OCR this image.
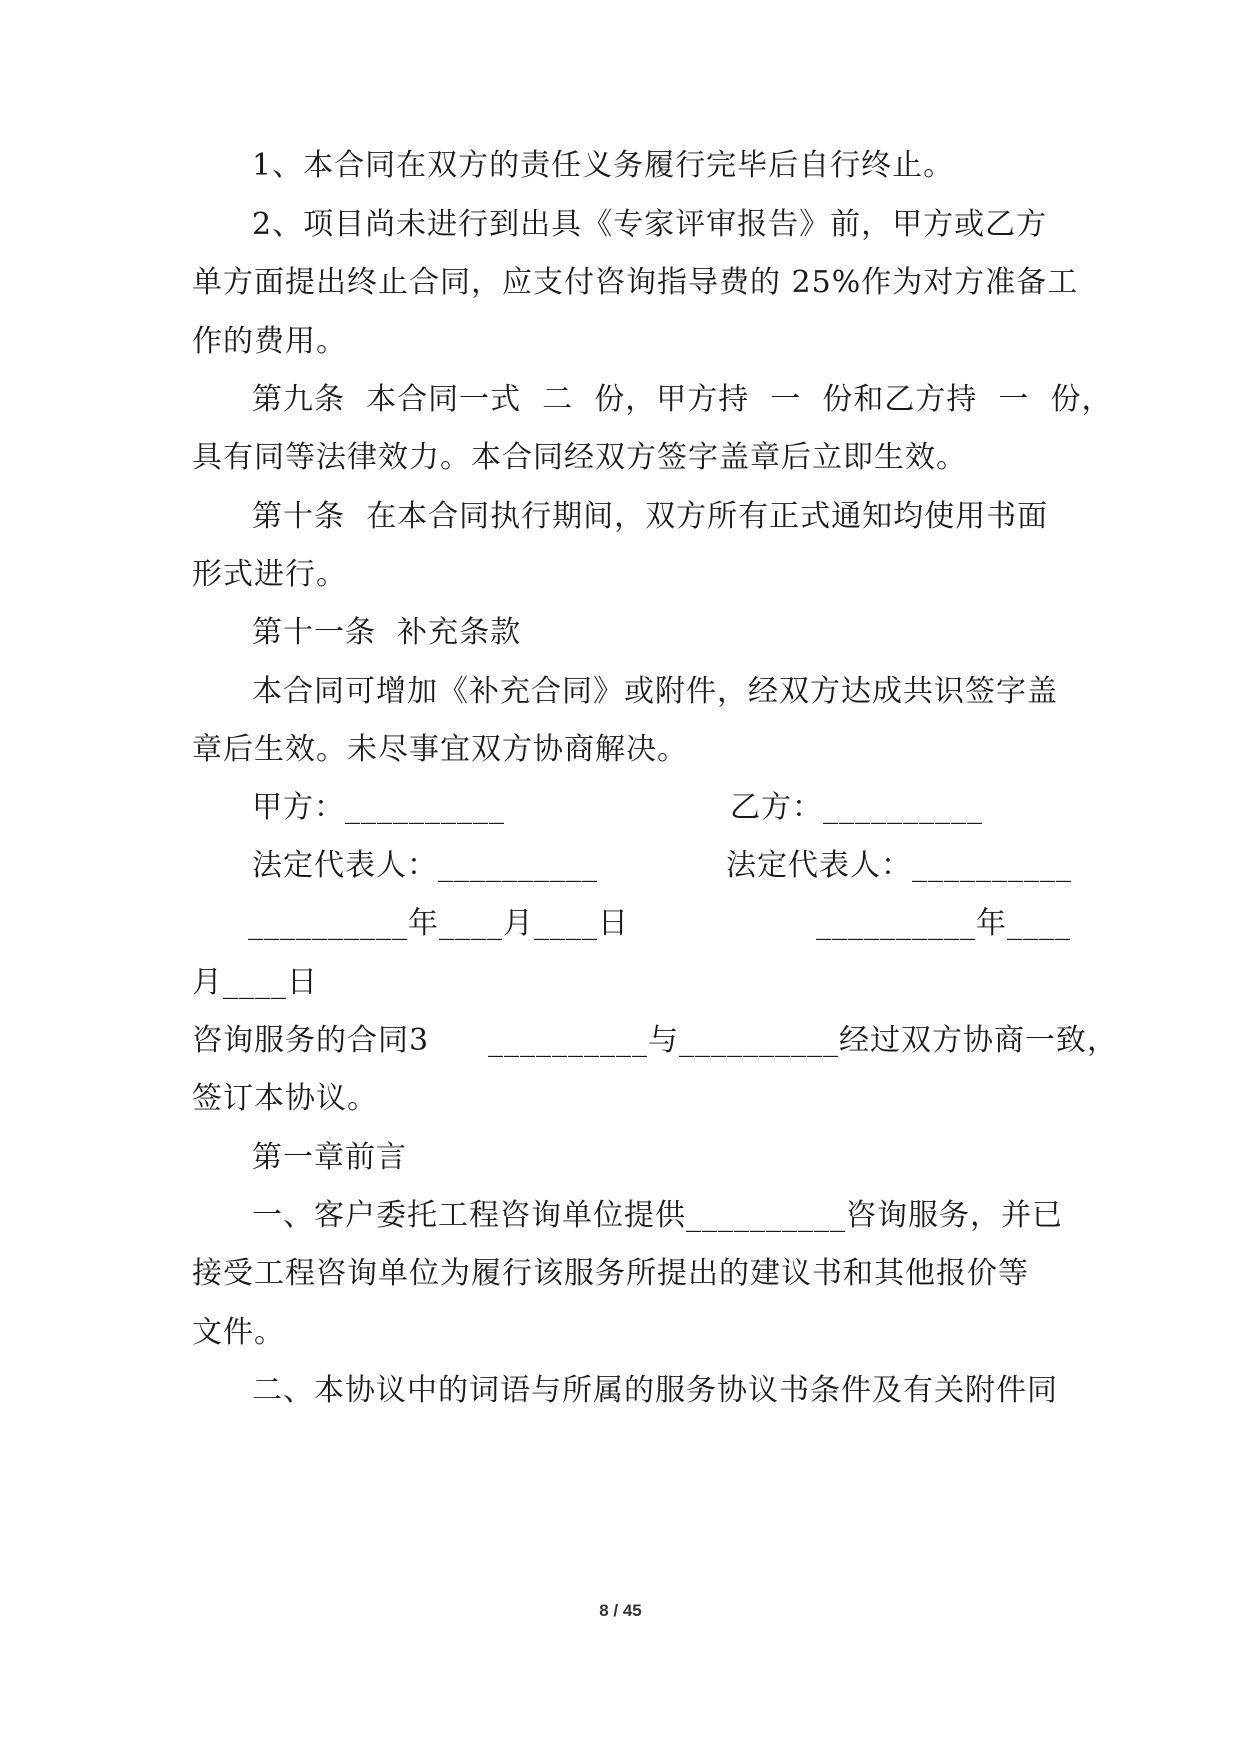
1、本合同在双方的责任义务履行完毕后自行终止。
2、项目尚未进行到出具《专家评审报告》前，甲方或乙方
单方面提出终止合同，应支付咨询指导费的 25%作为对方准备工
作的费用。
第九条  本合同一式  二  份，甲方持  一  份和乙方持  一  份，
具有同等法律效力。本合同经双方签字盖章后立即生效。
第十条  在本合同执行期间，双方所有正式通知均使用书面
形式进行。
第十一条  补充条款
本合同可增加《补充合同》或附件，经双方达成共识签字盖
章后生效。未尽事宜双方协商解决。
甲方：__________	乙方：__________
法定代表人：__________	法定代表人：__________
__________年____月____日	__________年____
月____日
咨询服务的合同3 __________与__________经过双方协商一致，
签订本协议。
第一章前言
一、客户委托工程咨询单位提供__________咨询服务，并已
接受工程咨询单位为履行该服务所提出的建议书和其他报价等
文件。
二、本协议中的词语与所属的服务协议书条件及有关附件同
8 / 45
